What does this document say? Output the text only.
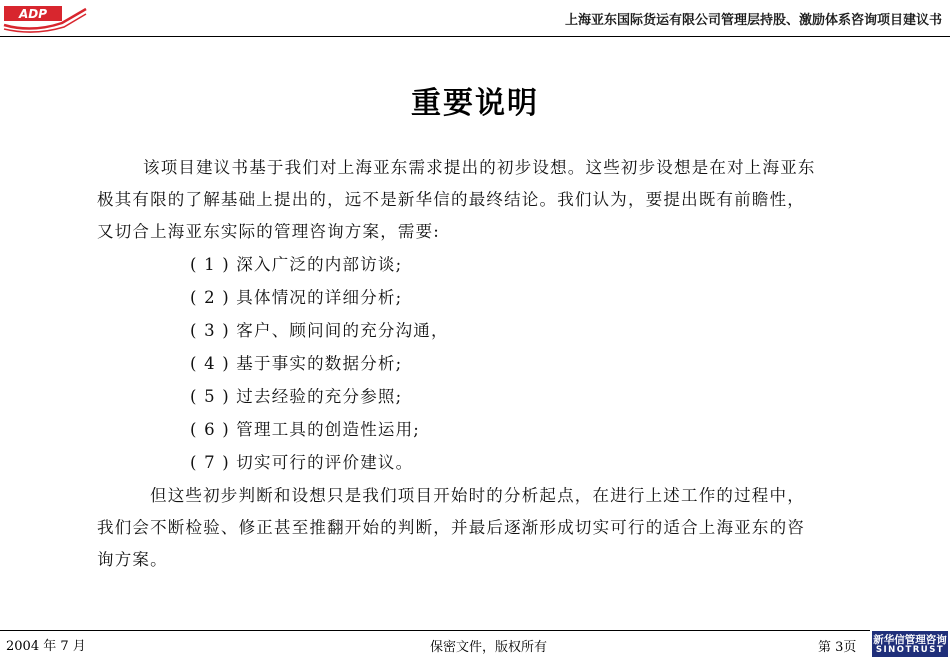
ADP	上海亚东国际货运有限公司管理层持股、激励体系咨询项目建议书
重要说明
该项目建议书基于我们对上海亚东需求提出的初步设想。这些初步设想是在对上海亚东
极其有限的了解基础上提出的，远不是新华信的最终结论。我们认为，要提出既有前瞻性，
又切合上海亚东实际的管理咨询方案，需要:
( 1 ) 深入广泛的内部访谈;
( 2 ) 具体情况的详细分析;
( 3 ) 客户、顾问间的充分沟通，
( 4 ) 基于事实的数据分析;
( 5 ) 过去经验的充分参照;
( 6 ) 管理工具的创造性运用;
( 7 ) 切实可行的评价建议。
但这些初步判断和设想只是我们项目开始时的分析起点，在进行上述工作的过程中，
我们会不断检验、修正甚至推翻开始的判断，并最后逐渐形成切实可行的适合上海亚东的咨
询方案。
2004 年 7 月	保密文件，版权所有	第 3页 新华信管理咨询
SINOTRUST
